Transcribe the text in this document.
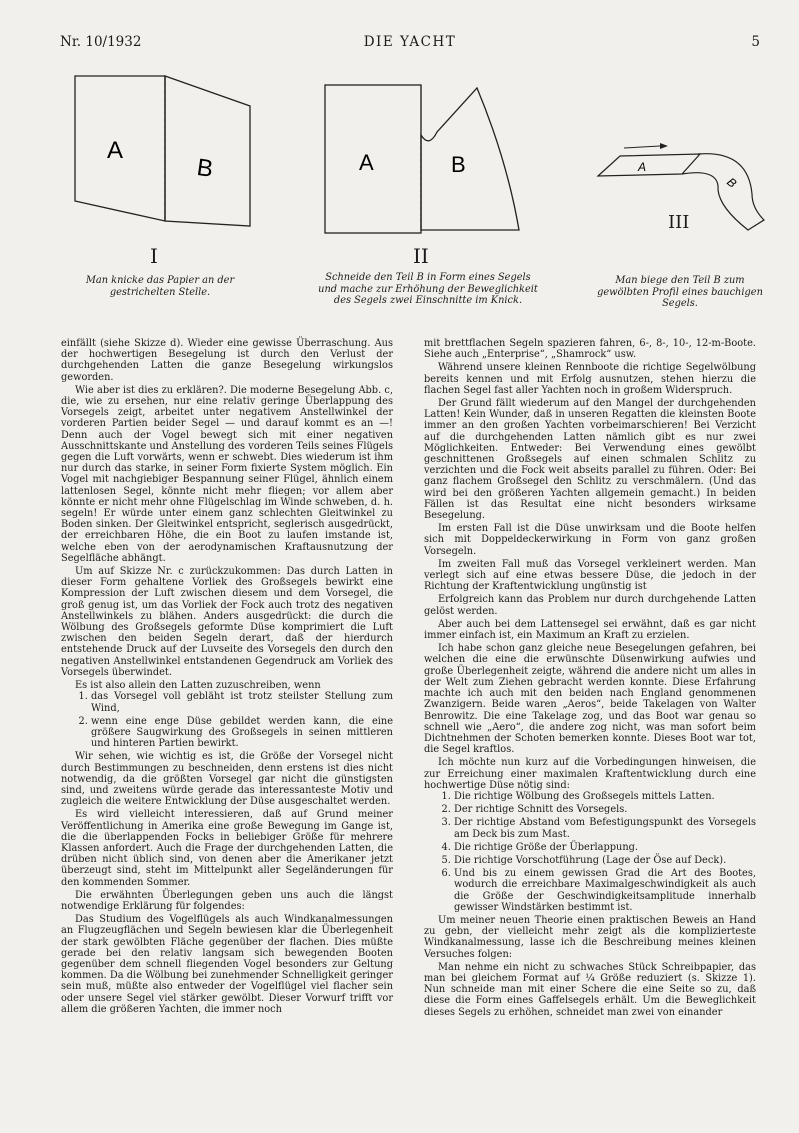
Nr. 10/1932	DIE YACHT	5
A
B
I
Man knicke das Papier an der gestrichelten Stelle.
A	B
II
Schneide den Teil B in Form eines Segels und mache zur Erhöhung der Beweglichkeit des Segels zwei Einschnitte im Knick.
A
B
III
Man biege den Teil B zum gewölbten Profil eines bauchigen Segels.

einfällt (siehe Skizze d). Wieder eine gewisse Überraschung. Aus der hochwertigen Besegelung ist durch den Verlust der durchgehenden Latten die ganze Besegelung wirkungslos geworden.

Wie aber ist dies zu erklären?. Die moderne Besegelung Abb. c, die, wie zu ersehen, nur eine relativ geringe Überlappung des Vorsegels zeigt, arbeitet unter negativem Anstellwinkel der vorderen Partien beider Segel — und darauf kommt es an —! Denn auch der Vogel bewegt sich mit einer negativen Ausschnittskante und Anstellung des vorderen Teils seines Flügels gegen die Luft vorwärts, wenn er schwebt. Dies wiederum ist ihm nur durch das starke, in seiner Form fixierte System möglich. Ein Vogel mit nachgiebiger Bespannung seiner Flügel, ähnlich einem lattenlosen Segel, könnte nicht mehr fliegen; vor allem aber könnte er nicht mehr ohne Flügelschlag im Winde schweben, d. h. segeln! Er würde unter einem ganz schlechten Gleitwinkel zu Boden sinken. Der Gleitwinkel entspricht, seglerisch ausgedrückt, der erreichbaren Höhe, die ein Boot zu laufen imstande ist, welche eben von der aerodynamischen Kraftausnutzung der Segelfläche abhängt.

Um auf Skizze Nr. c zurückzukommen: Das durch Latten in dieser Form gehaltene Vorliek des Großsegels bewirkt eine Kompression der Luft zwischen diesem und dem Vorsegel, die groß genug ist, um das Vorliek der Fock auch trotz des negativen Anstellwinkels zu blähen. Anders ausgedrückt: die durch die Wölbung des Großsegels geformte Düse komprimiert die Luft zwischen den beiden Segeln derart, daß der hierdurch entstehende Druck auf der Luvseite des Vorsegels den durch den negativen Anstellwinkel entstandenen Gegendruck am Vorliek des Vorsegels überwindet.

Es ist also allein den Latten zuzuschreiben, wenn

1. das Vorsegel voll gebläht ist trotz steilster Stellung zum Wind,
2. wenn eine enge Düse gebildet werden kann, die eine größere Saugwirkung des Großsegels in seinen mittleren und hinteren Partien bewirkt.

Wir sehen, wie wichtig es ist, die Größe der Vorsegel nicht durch Bestimmungen zu beschneiden, denn erstens ist dies nicht notwendig, da die größten Vorsegel gar nicht die günstigsten sind, und zweitens würde gerade das interessanteste Motiv und zugleich die weitere Entwicklung der Düse ausgeschaltet werden.

Es wird vielleicht interessieren, daß auf Grund meiner Veröffentlichung in Amerika eine große Bewegung im Gange ist, die die überlappenden Focks in beliebiger Größe für mehrere Klassen anfordert. Auch die Frage der durchgehenden Latten, die drüben nicht üblich sind, von denen aber die Amerikaner jetzt überzeugt sind, steht im Mittelpunkt aller Segeländerungen für den kommenden Sommer.

Die erwähnten Überlegungen geben uns auch die längst notwendige Erklärung für folgendes:

Das Studium des Vogelflügels als auch Windkanalmessungen an Flugzeugflächen und Segeln bewiesen klar die Überlegenheit der stark gewölbten Fläche gegenüber der flachen. Dies müßte gerade bei den relativ langsam sich bewegenden Booten gegenüber dem schnell fliegenden Vogel besonders zur Geltung kommen. Da die Wölbung bei zunehmender Schnelligkeit geringer sein muß, müßte also entweder der Vogelflügel viel flacher sein oder unsere Segel viel stärker gewölbt. Dieser Vorwurf trifft vor allem die größeren Yachten, die immer noch

mit brettflachen Segeln spazieren fahren, 6-, 8-, 10-, 12-m-Boote. Siehe auch „Enterprise“, „Shamrock“ usw.

Während unsere kleinen Rennboote die richtige Segelwölbung bereits kennen und mit Erfolg ausnutzen, stehen hierzu die flachen Segel fast aller Yachten noch in großem Widerspruch.

Der Grund fällt wiederum auf den Mangel der durchgehenden Latten! Kein Wunder, daß in unseren Regatten die kleinsten Boote immer an den großen Yachten vorbeimarschieren! Bei Verzicht auf die durchgehenden Latten nämlich gibt es nur zwei Möglichkeiten. Entweder: Bei Verwendung eines gewölbt geschnittenen Großsegels auf einen schmalen Schlitz zu verzichten und die Fock weit abseits parallel zu führen. Oder: Bei ganz flachem Großsegel den Schlitz zu verschmälern. (Und das wird bei den größeren Yachten allgemein gemacht.) In beiden Fällen ist das Resultat eine nicht besonders wirksame Besegelung.

Im ersten Fall ist die Düse unwirksam und die Boote helfen sich mit Doppeldeckerwirkung in Form von ganz großen Vorsegeln.

Im zweiten Fall muß das Vorsegel verkleinert werden. Man verlegt sich auf eine etwas bessere Düse, die jedoch in der Richtung der Kraftentwicklung ungünstig ist

Erfolgreich kann das Problem nur durch durchgehende Latten gelöst werden.

Aber auch bei dem Lattensegel sei erwähnt, daß es gar nicht immer einfach ist, ein Maximum an Kraft zu erzielen.

Ich habe schon ganz gleiche neue Besegelungen gefahren, bei welchen die eine die erwünschte Düsenwirkung aufwies und große Überlegenheit zeigte, während die andere nicht um alles in der Welt zum Ziehen gebracht werden konnte. Diese Erfahrung machte ich auch mit den beiden nach England genommenen Zwanzigern. Beide waren „Aeros“, beide Takelagen von Walter Benrowitz. Die eine Takelage zog, und das Boot war genau so schnell wie „Aero“, die andere zog nicht, was man sofort beim Dichtnehmen der Schoten bemerken konnte. Dieses Boot war tot, die Segel kraftlos.

Ich möchte nun kurz auf die Vorbedingungen hinweisen, die zur Erreichung einer maximalen Kraftentwicklung durch eine hochwertige Düse nötig sind:

1. Die richtige Wölbung des Großsegels mittels Latten.
2. Der richtige Schnitt des Vorsegels.
3. Der richtige Abstand vom Befestigungspunkt des Vorsegels am Deck bis zum Mast.
4. Die richtige Größe der Überlappung.
5. Die richtige Vorschotführung (Lage der Öse auf Deck).
6. Und bis zu einem gewissen Grad die Art des Bootes, wodurch die erreichbare Maximalgeschwindigkeit als auch die Größe der Geschwindigkeitsamplitude innerhalb gewisser Windstärken bestimmt ist.

Um meiner neuen Theorie einen praktischen Beweis an Hand zu gebn, der vielleicht mehr zeigt als die komplizierteste Windkanalmessung, lasse ich die Beschreibung meines kleinen Versuches folgen:

Man nehme ein nicht zu schwaches Stück Schreibpapier, das man bei gleichem Format auf ¼ Größe reduziert (s. Skizze 1). Nun schneide man mit einer Schere die eine Seite so zu, daß diese die Form eines Gaffelsegels erhält. Um die Beweglichkeit dieses Segels zu erhöhen, schneidet man zwei von einander
